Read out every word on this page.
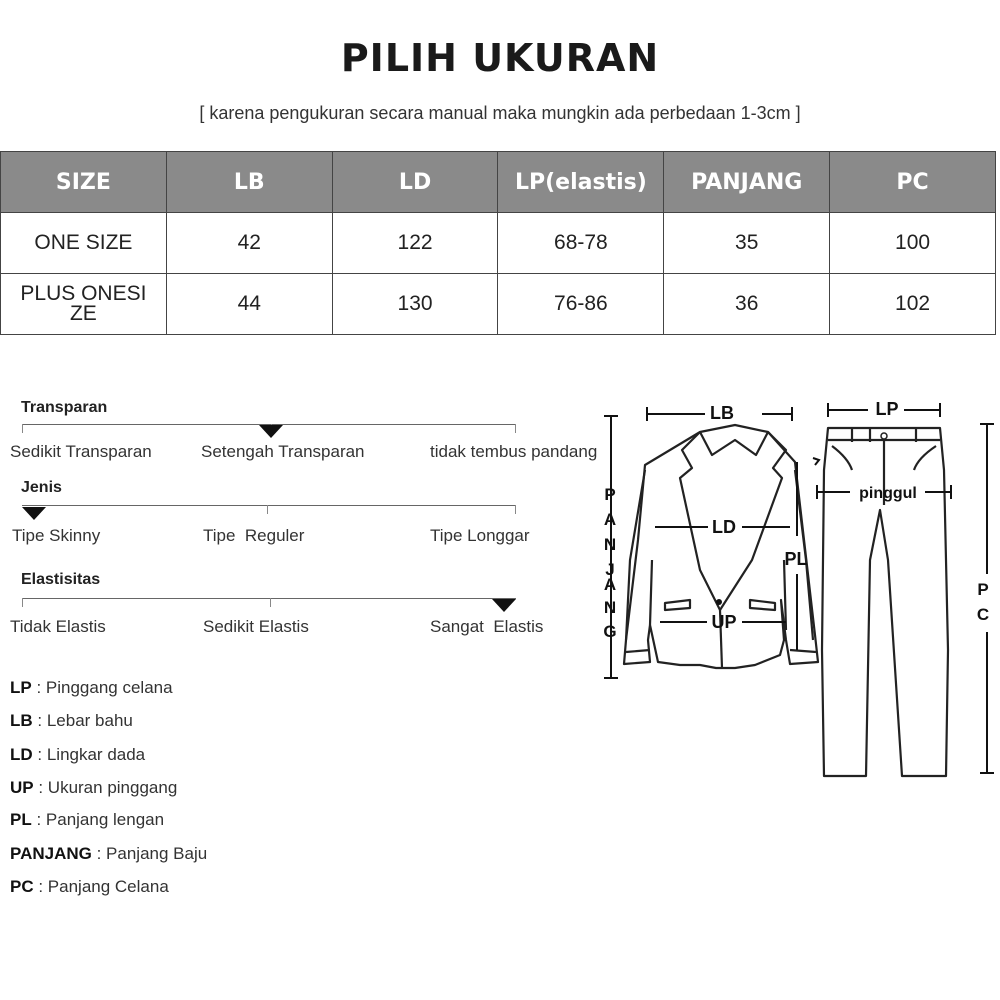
PILIH UKURAN
[ karena pengukuran secara manual maka mungkin ada perbedaan 1-3cm ]
SIZE	LB	LD	LP(elastis)	PANJANG	PC
ONE SIZE	42	122	68-78	35	100
PLUS ONESI ZE	44	130	76-86	36	102
Transparan
Sedikit Transparan	Setengah Transparan	tidak tembus pandang
Jenis
Tipe Skinny	Tipe  Reguler	Tipe Longgar
Elastisitas
Tidak Elastis	Sedikit Elastis	Sangat  Elastis
LP : Pinggang celana
LB : Lebar bahu
LD : Lingkar dada
UP : Ukuran pinggang
PL : Panjang lengan
PANJANG : Panjang Baju
PC : Panjang Celana
LB	LP
pinggul
LD
UP
PL
P
A
N
J
A
N
G
P
C
